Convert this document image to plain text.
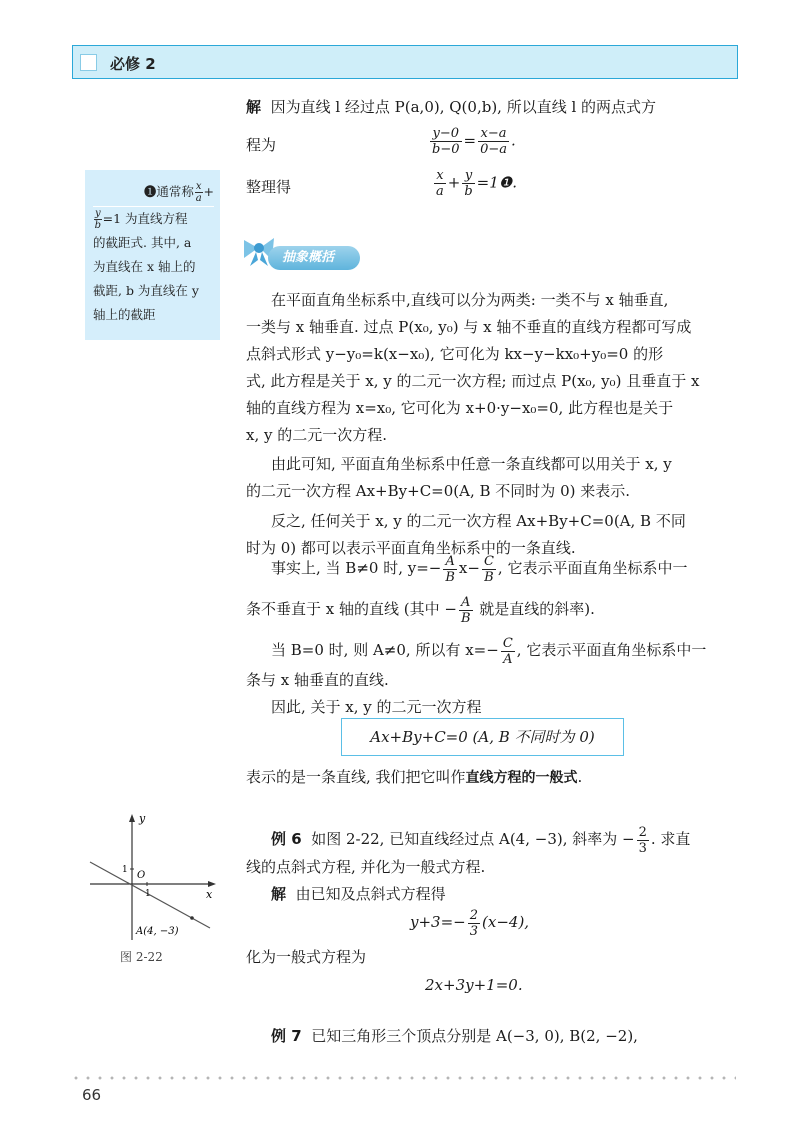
必修 2
解 因为直线 l 经过点 P(a,0), Q(0,b), 所以直线 l 的两点式方
程为	$\frac{y-0}{b-0} = \frac{x-a}{0-a}$ .
整理得	$\frac{x}{a} + \frac{y}{b}$ =1❶.
❶通常称 $\frac{x}{a}$ +
$\frac{y}{b} =1$ 为直线方程
的截距式. 其中, a
为直线在 x 轴上的
截距, b 为直线在 y
轴上的截距
抽象概括
在平面直角坐标系中,直线可以分为两类: 一类不与 x 轴垂直,
一类与 x 轴垂直. 过点 P(x₀, y₀) 与 x 轴不垂直的直线方程都可写成
点斜式形式 y−y₀=k(x−x₀), 它可化为 kx−y−kx₀+y₀=0 的形
式, 此方程是关于 x, y 的二元一次方程; 而过点 P(x₀, y₀) 且垂直于 x
轴的直线方程为 x=x₀, 它可化为 x+0·y−x₀=0, 此方程也是关于
x, y 的二元一次方程.
由此可知, 平面直角坐标系中任意一条直线都可以用关于 x, y
的二元一次方程 Ax+By+C=0(A, B 不同时为 0) 来表示.
反之, 任何关于 x, y 的二元一次方程 Ax+By+C=0(A, B 不同
时为 0) 都可以表示平面直角坐标系中的一条直线.
事实上, 当 B≠0 时, $y=- \frac{A}{B} x- \frac{C}{B}$ , 它表示平面直角坐标系中一
条不垂直于 x 轴的直线 (其中 − $\frac{A}{B}$ 就是直线的斜率).
当 B=0 时, 则 A≠0, 所以有 $x=- \frac{C}{A}$ , 它表示平面直角坐标系中一
条与 x 轴垂直的直线.
因此, 关于 x, y 的二元一次方程
Ax+By+C=0 (A, B 不同时为 0)
表示的是一条直线, 我们把它叫作直线方程的一般式.
y
x
O
1
1
A(4, −3)
图 2-22
例 6 如图 2-22, 已知直线经过点 A(4, −3), 斜率为 − $\frac{2}{3}$ . 求直
线的点斜式方程, 并化为一般式方程.
解 由已知及点斜式方程得
$y+3=- \frac{2}{3} (x-4)$,
化为一般式方程为
2x+3y+1=0.
例 7 已知三角形三个顶点分别是 A(−3, 0), B(2, −2),
66
